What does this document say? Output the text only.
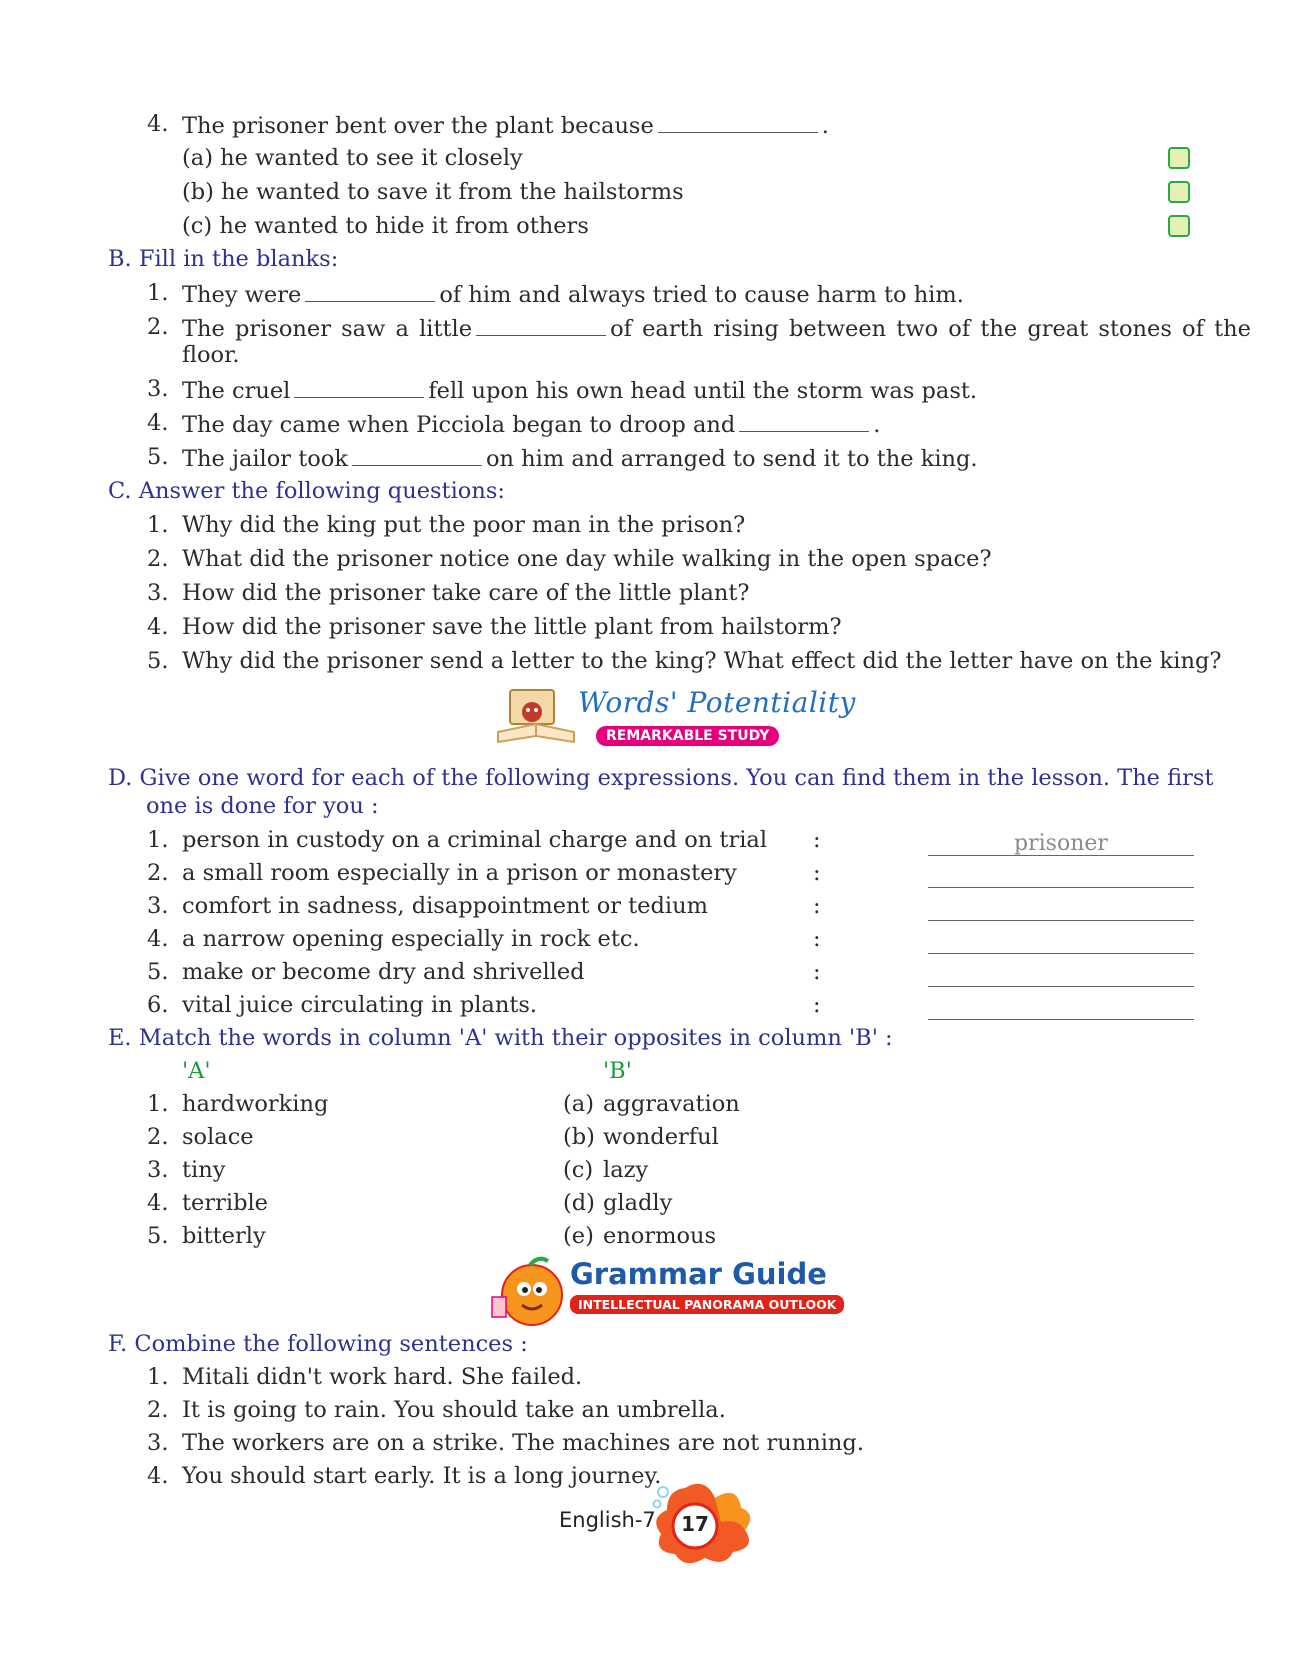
4. The prisoner bent over the plant because	.
(a) he wanted to see it closely
(b) he wanted to save it from the hailstorms
(c) he wanted to hide it from others
B. Fill in the blanks:
1. They were	of him and always tried to cause harm to him.
2. The prisoner saw a little	of earth rising between two of the great stones of the
floor.
3. The cruel	fell upon his own head until the storm was past.
4. The day came when Picciola began to droop and	.
5. The jailor took	on him and arranged to send it to the king.
C. Answer the following questions:
1. Why did the king put the poor man in the prison?
2. What did the prisoner notice one day while walking in the open space?
3. How did the prisoner take care of the little plant?
4. How did the prisoner save the little plant from hailstorm?
5. Why did the prisoner send a letter to the king? What effect did the letter have on the king?
Words' Potentiality
REMARKABLE STUDY
D. Give one word for each of the following expressions. You can find them in the lesson. The first
one is done for you :
1. person in custody on a criminal charge and on trial :	prisoner
2. a small room especially in a prison or monastery	:
3. comfort in sadness, disappointment or tedium	:
4. a narrow opening especially in rock etc.	:
5. make or become dry and shrivelled	:
6. vital juice circulating in plants.	:
E. Match the words in column 'A' with their opposites in column 'B' :
'A'	'B'
1. hardworking	(a) aggravation
2. solace	(b) wonderful
3. tiny	(c) lazy
4. terrible	(d) gladly
5. bitterly	(e) enormous
Grammar Guide
INTELLECTUAL PANORAMA OUTLOOK
F. Combine the following sentences :
1. Mitali didn't work hard. She failed.
2. It is going to rain. You should take an umbrella.
3. The workers are on a strike. The machines are not running.
4. You should start early. It is a long journey.
English-7	17
